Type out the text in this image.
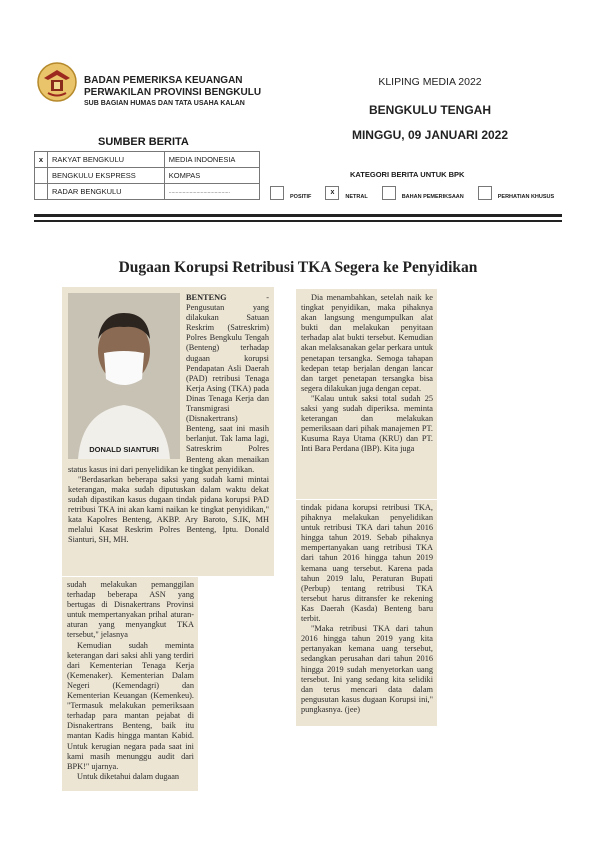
BADAN PEMERIKSA KEUANGAN
PERWAKILAN PROVINSI BENGKULU
SUB BAGIAN HUMAS DAN TATA USAHA KALAN
KLIPING MEDIA 2022
BENGKULU TENGAH
MINGGU, 09 JANUARI 2022
SUMBER BERITA
x	RAKYAT BENGKULU	MEDIA INDONESIA
	BENGKULU EKSPRESS	KOMPAS
	RADAR BENGKULU	............................................
KATEGORI BERITA UNTUK BPK
POSITIF
x
NETRAL	BAHAN PEMERIKSAAN	PERHATIAN KHUSUS
Dugaan Korupsi Retribusi TKA Segera ke Penyidikan
DONALD SIANTURI

BENTENG	- Pengusutan yang dilakukan Satuan Reskrim (Satreskrim) Polres Bengkulu Tengah (Benteng) terhadap dugaan korupsi Pendapatan Asli Daerah (PAD) retribusi Tenaga Kerja Asing (TKA) pada Dinas Tenaga Kerja dan Transmigrasi (Disnakertrans) Benteng, saat ini masih berlanjut. Tak lama lagi, Satreskrim Polres Benteng akan menaikan status kasus ini dari penyelidikan ke tingkat penyidikan.

"Berdasarkan beberapa saksi yang sudah kami mintai keterangan, maka sudah diputuskan dalam waktu dekat sudah dipastikan kasus dugaan tindak pidana korupsi PAD retribusi TKA ini akan kami naikan ke tingkat penyidikan," kata Kapolres Benteng, AKBP. Ary Baroto, S.IK, MH melalui Kasat Reskrim Polres Benteng, Iptu. Donald Sianturi, SH, MH.

sudah melakukan pemanggilan terhadap beberapa ASN yang bertugas di Disnakertrans Provinsi untuk mempertanyakan prihal aturan-aturan yang menyangkut TKA tersebut," jelasnya

Kemudian sudah meminta keterangan dari saksi ahli yang terdiri dari Kementerian Tenaga Kerja (Kemenaker). Kementerian Dalam Negeri (Kemendagri) dan Kementerian Keuangan (Kemenkeu). "Termasuk melakukan pemeriksaan terhadap para mantan pejabat di Disnakertrans Benteng, baik itu mantan Kadis hingga mantan Kabid. Untuk kerugian negara pada saat ini kami masih menunggu audit dari BPK!" ujarnya.

Untuk diketahui dalam dugaan

Dia menambahkan, setelah naik ke tingkat penyidikan, maka pihaknya akan langsung mengumpulkan alat bukti dan melakukan penyitaan terhadap alat bukti tersebut. Kemudian akan melaksanakan gelar perkara untuk penetapan tersangka. Semoga tahapan kedepan tetap berjalan dengan lancar dan target penetapan tersangka bisa segera dilakukan juga dengan cepat.

"Kalau untuk saksi total sudah 25 saksi yang sudah diperiksa. meminta keterangan dan melakukan pemeriksaan dari pihak manajemen PT. Kusuma Raya Utama (KRU) dan PT. Inti Bara Perdana (IBP). Kita juga

tindak pidana korupsi retribusi TKA, pihaknya melakukan penyelidikan untuk retribusi TKA dari tahun 2016 hingga tahun 2019. Sebab pihaknya mempertanyakan uang retribusi TKA dari tahun 2016 hingga tahun 2019 kemana uang tersebut. Karena pada tahun 2019 lalu, Peraturan Bupati (Perbup) tentang retribusi TKA tersebut harus ditransfer ke rekening Kas Daerah (Kasda) Benteng baru terbit.

"Maka retribusi TKA dari tahun 2016 hingga tahun 2019 yang kita pertanyakan kemana uang tersebut, sedangkan perusahan dari tahun 2016 hingga 2019 sudah menyetorkan uang tersebut. Ini yang sedang kita selidiki dan terus mencari data dalam pengusutan kasus dugaan Korupsi ini," pungkasnya. (jee)
